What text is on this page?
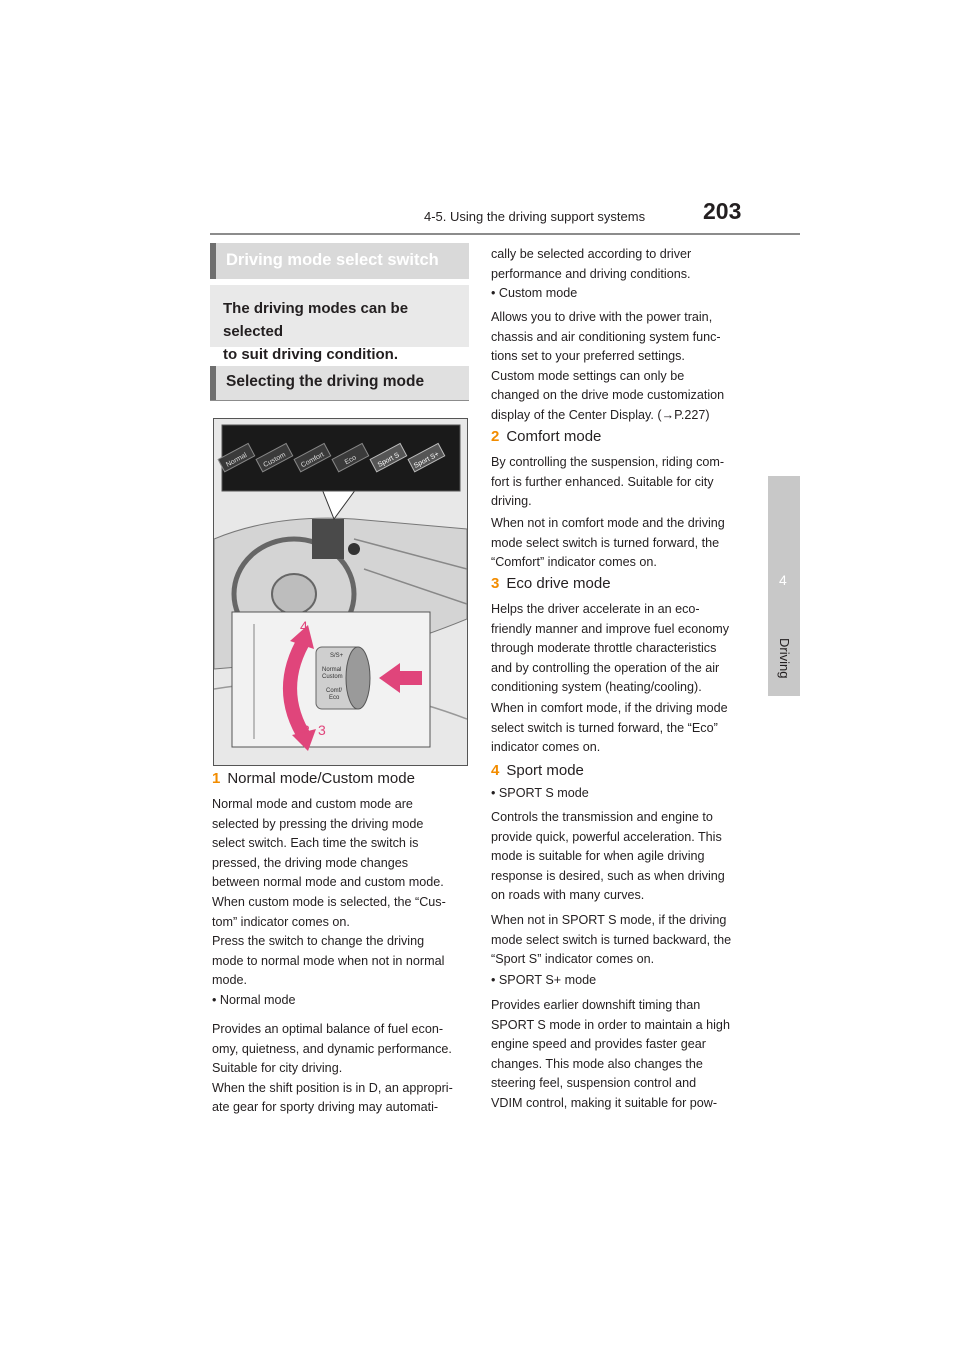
4-5. Using the driving support systems	203
4
Driving
Driving mode select switch
The driving modes can be selected
to suit driving condition.
Selecting the driving mode
Normal Custom Comfort	Eco	Sport S Sport S+
S/S+
Normal
Custom
Comf/
Eco
4
1
2 3
1 Normal mode/Custom mode
Normal mode and custom mode are
selected by pressing the driving mode
select switch. Each time the switch is
pressed, the driving mode changes
between normal mode and custom mode.
When custom mode is selected, the “Cus-
tom” indicator comes on.
Press the switch to change the driving
mode to normal mode when not in normal
mode.
• Normal mode
Provides an optimal balance of fuel econ-
omy, quietness, and dynamic performance.
Suitable for city driving.
When the shift position is in D, an appropri-
ate gear for sporty driving may automati-
cally be selected according to driver
performance and driving conditions.
• Custom mode
Allows you to drive with the power train,
chassis and air conditioning system func-
tions set to your preferred settings.
Custom mode settings can only be
changed on the drive mode customization
display of the Center Display. (→P.227)
2 Comfort mode
By controlling the suspension, riding com-
fort is further enhanced. Suitable for city
driving.
When not in comfort mode and the driving
mode select switch is turned forward, the
“Comfort” indicator comes on.
3 Eco drive mode
Helps the driver accelerate in an eco-
friendly manner and improve fuel economy
through moderate throttle characteristics
and by controlling the operation of the air
conditioning system (heating/cooling).
When in comfort mode, if the driving mode
select switch is turned forward, the “Eco”
indicator comes on.
4 Sport mode
• SPORT S mode
Controls the transmission and engine to
provide quick, powerful acceleration. This
mode is suitable for when agile driving
response is desired, such as when driving
on roads with many curves.
When not in SPORT S mode, if the driving
mode select switch is turned backward, the
“Sport S” indicator comes on.
• SPORT S+ mode
Provides earlier downshift timing than
SPORT S mode in order to maintain a high
engine speed and provides faster gear
changes. This mode also changes the
steering feel, suspension control and
VDIM control, making it suitable for pow-
